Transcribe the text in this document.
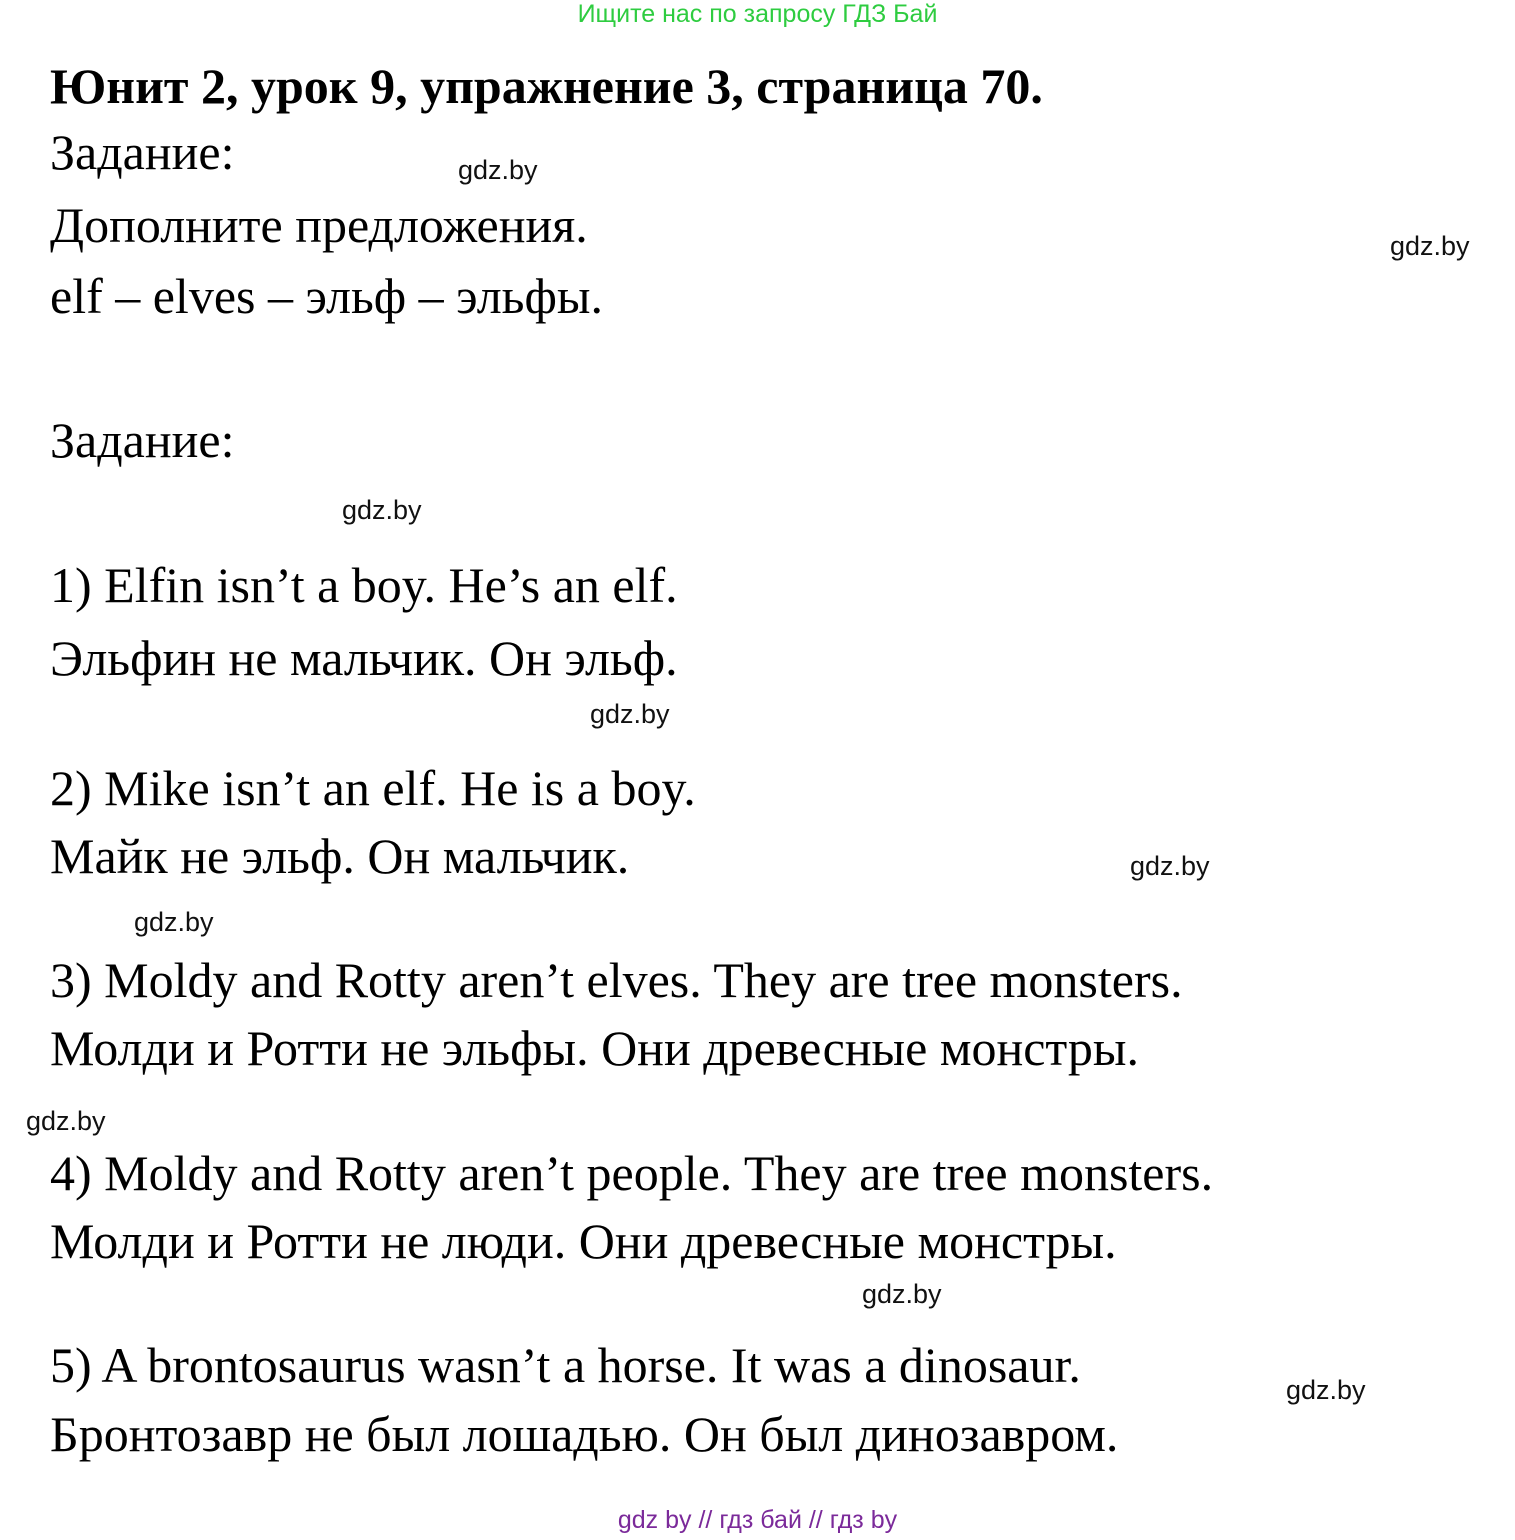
Ищите нас по запросу ГДЗ Бай
Юнит 2, урок 9, упражнение 3, страница 70.
Задание:
Дополните предложения.
elf – elves – эльф – эльфы.
Задание:
1) Elfin isn’t a boy. He’s an elf.
Эльфин не мальчик. Он эльф.
2) Mike isn’t an elf. He is a boy.
Майк не эльф. Он мальчик.
3) Moldy and Rotty aren’t elves. They are tree monsters.
Молди и Ротти не эльфы. Они древесные монстры.
4) Moldy and Rotty aren’t people. They are tree monsters.
Молди и Ротти не люди. Они древесные монстры.
5) A brontosaurus wasn’t a horse. It was a dinosaur.
Бронтозавр не был лошадью. Он был динозавром.
gdz.by
gdz.by
gdz.by
gdz.by
gdz.by
gdz.by
gdz.by
gdz.by
gdz.by
gdz by // гдз бай // гдз by
